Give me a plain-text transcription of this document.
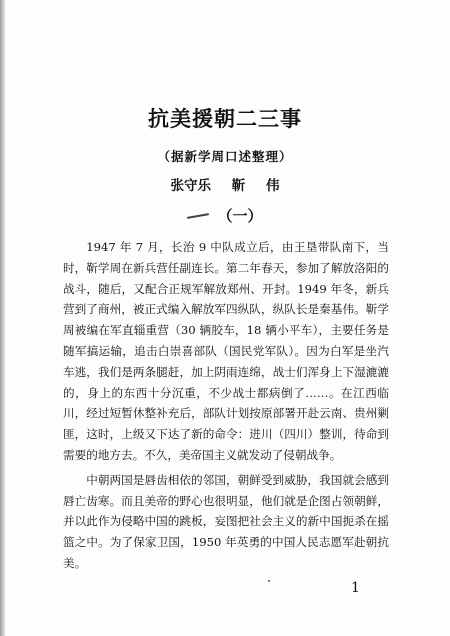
抗美援朝二三事
（据新学周口述整理）
张守乐 靳 伟
（一）

1947 年 7 月，长治 9 中队成立后，由王垦带队南下，当时，靳学周在新兵营任副连长。第二年春天，参加了解放洛阳的战斗，随后，又配合正规军解放郑州、开封。1949 年冬，新兵营到了商州，被正式编入解放军四纵队，纵队长是秦基伟。靳学周被编在军直辎重营（30 辆胶车，18 辆小平车），主要任务是随军搞运输，追击白崇喜部队（国民党军队）。因为白军是坐汽车逃，我们是两条腿赶，加上阴雨连绵，战士们浑身上下湿漉漉的，身上的东西十分沉重，不少战士都病倒了……。在江西临川，经过短暂休整补充后，部队计划按原部署开赴云南、贵州剿匪，这时，上级又下达了新的命令：进川（四川）整训，待命到需要的地方去。不久，美帝国主义就发动了侵朝战争。

中朝两国是唇齿相依的邻国，朝鲜受到威胁，我国就会感到唇亡齿寒。而且美帝的野心也很明显，他们就是企图占领朝鲜，并以此作为侵略中国的跳板，妄图把社会主义的新中国扼杀在摇篮之中。为了保家卫国，1950 年英勇的中国人民志愿军赴朝抗美。

1
